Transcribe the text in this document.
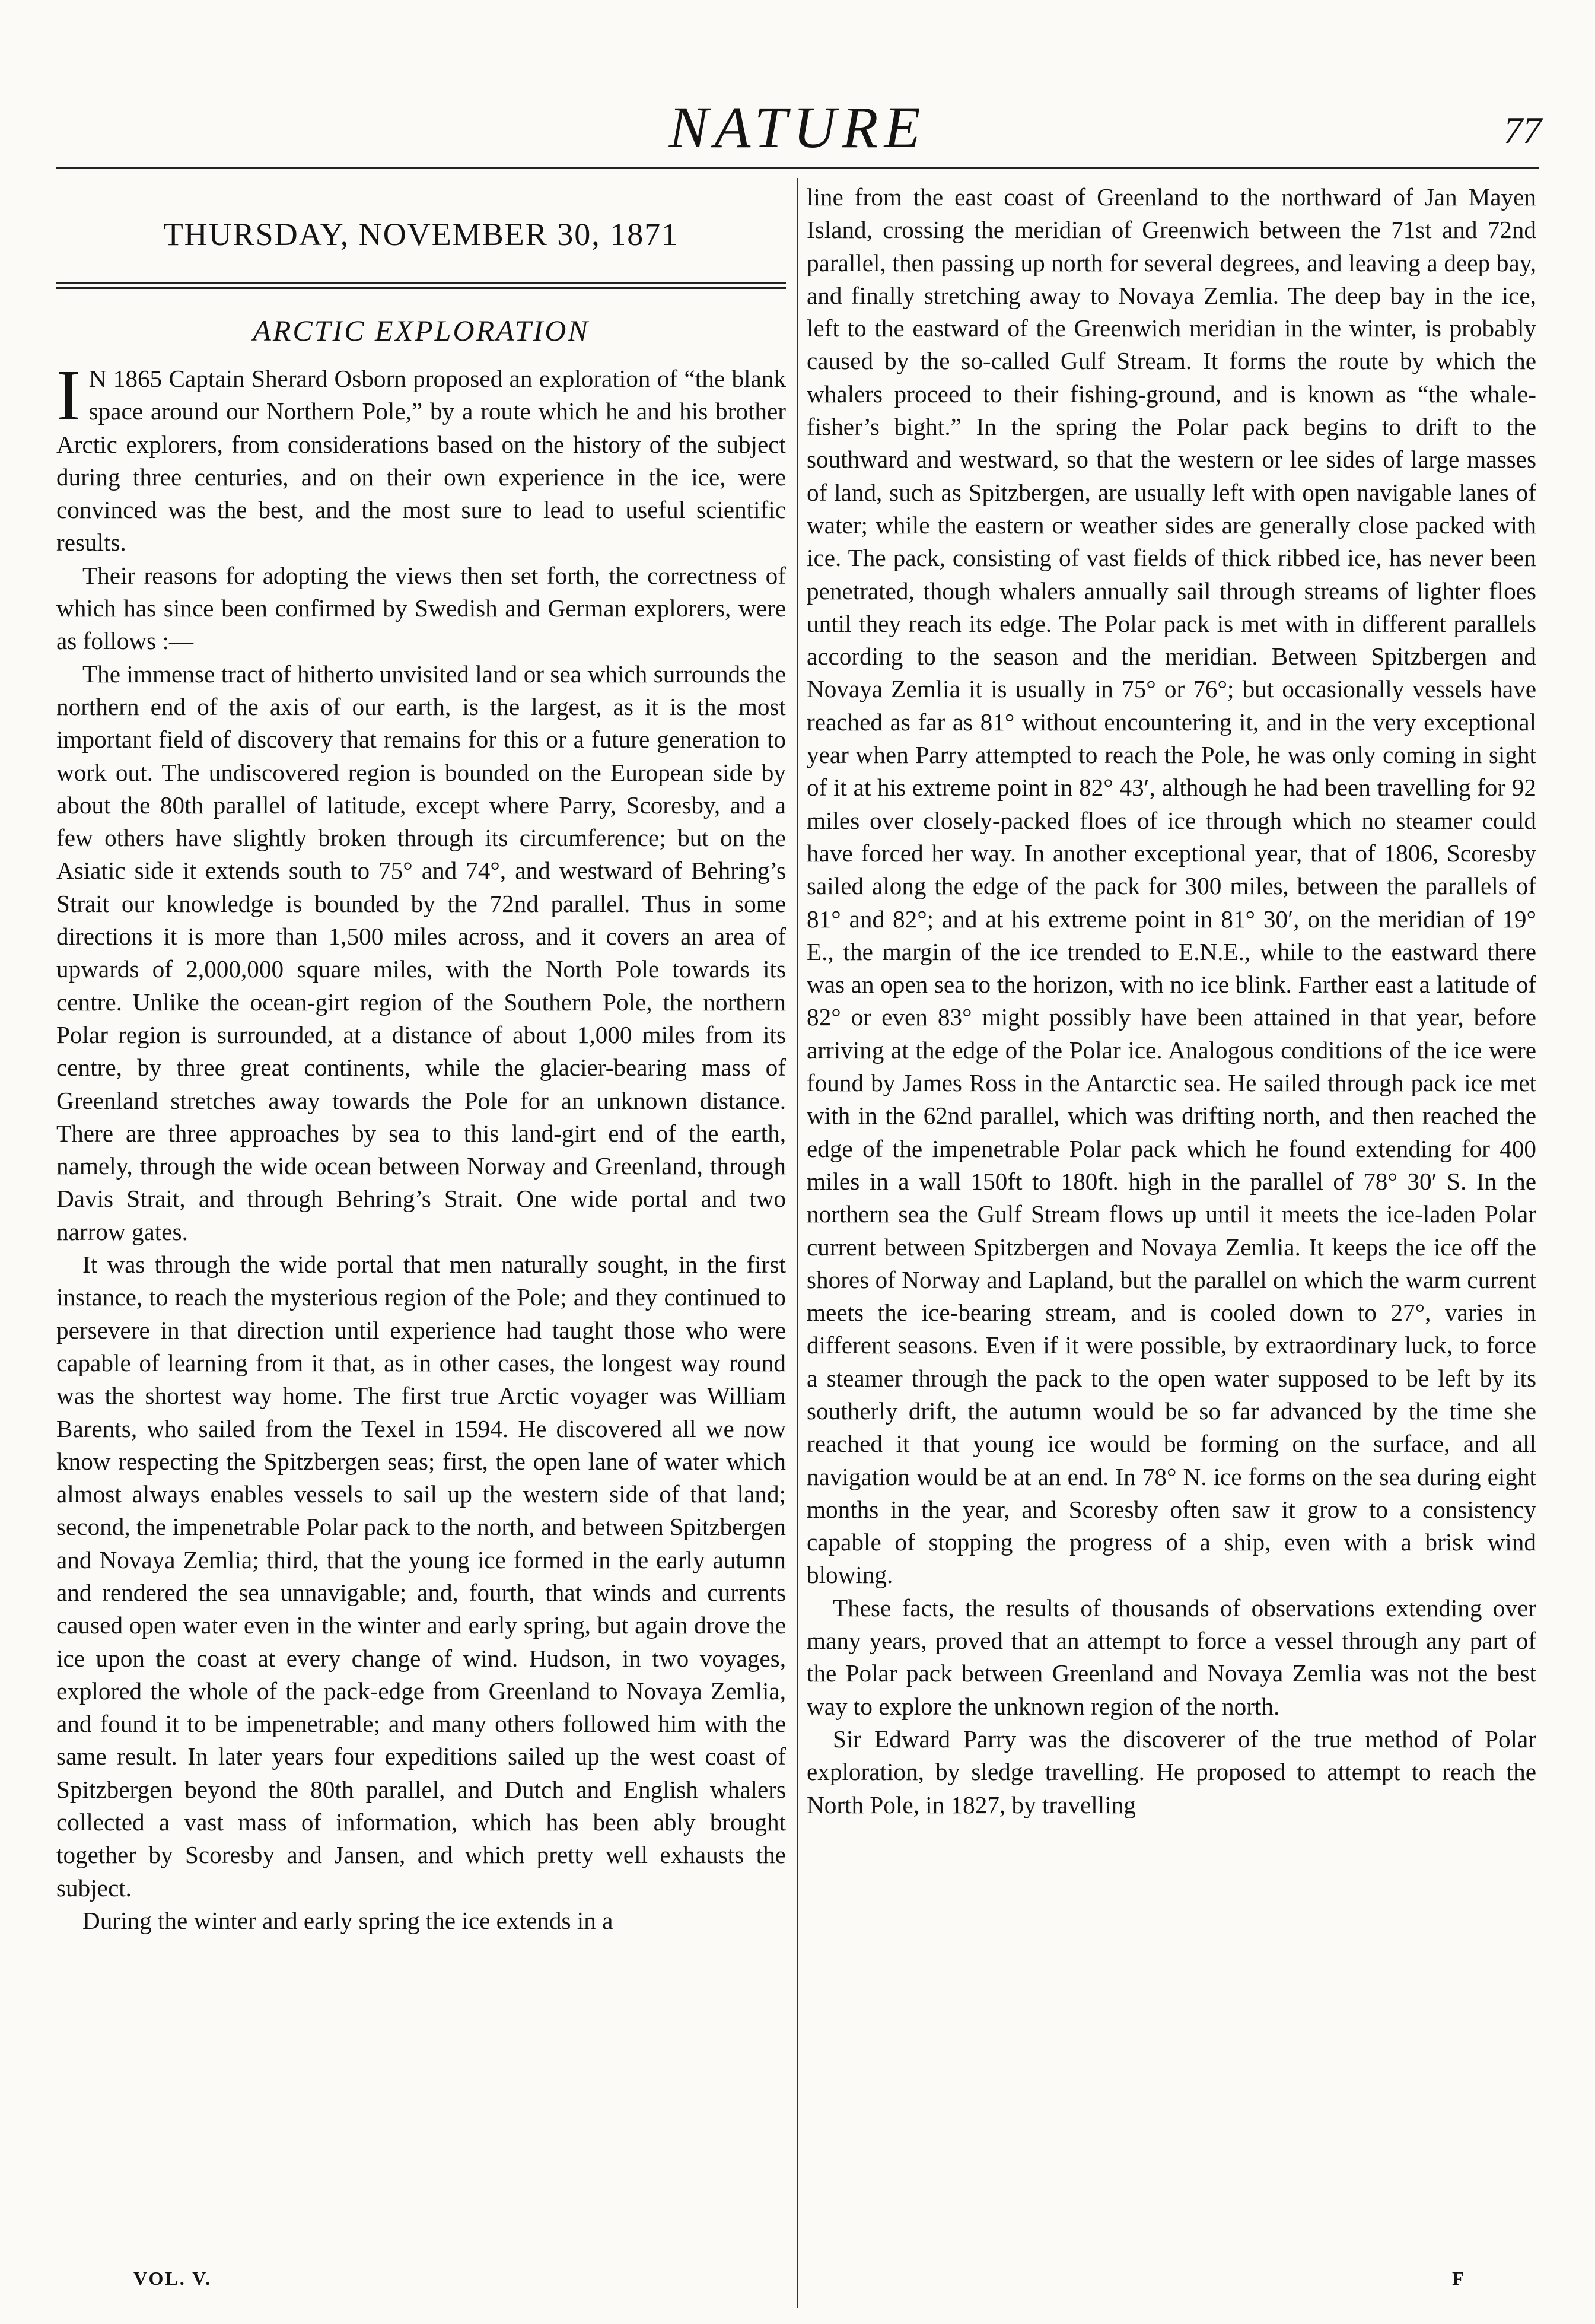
NATURE	77
THURSDAY, NOVEMBER 30, 1871
ARCTIC EXPLORATION

I N 1865 Captain Sherard Osborn proposed an exploration of “the blank space around our Northern Pole,” by a route which he and his brother Arctic explorers, from considerations based on the history of the subject during three centuries, and on their own experience in the ice, were convinced was the best, and the most sure to lead to useful scientific results.

Their reasons for adopting the views then set forth, the correctness of which has since been confirmed by Swedish and German explorers, were as follows :—

The immense tract of hitherto unvisited land or sea which surrounds the northern end of the axis of our earth, is the largest, as it is the most important field of discovery that remains for this or a future generation to work out. The undiscovered region is bounded on the European side by about the 80th parallel of latitude, except where Parry, Scoresby, and a few others have slightly broken through its circumference; but on the Asiatic side it extends south to 75° and 74°, and westward of Behring’s Strait our knowledge is bounded by the 72nd parallel. Thus in some directions it is more than 1,500 miles across, and it covers an area of upwards of 2,000,000 square miles, with the North Pole towards its centre. Unlike the ocean-girt region of the Southern Pole, the northern Polar region is surrounded, at a distance of about 1,000 miles from its centre, by three great continents, while the glacier-bearing mass of Greenland stretches away towards the Pole for an unknown distance. There are three approaches by sea to this land-girt end of the earth, namely, through the wide ocean between Norway and Greenland, through Davis Strait, and through Behring’s Strait. One wide portal and two narrow gates.

It was through the wide portal that men naturally sought, in the first instance, to reach the mysterious region of the Pole; and they continued to persevere in that direction until experience had taught those who were capable of learning from it that, as in other cases, the longest way round was the shortest way home. The first true Arctic voyager was William Barents, who sailed from the Texel in 1594. He discovered all we now know respecting the Spitzbergen seas; first, the open lane of water which almost always enables vessels to sail up the western side of that land; second, the impenetrable Polar pack to the north, and between Spitzbergen and Novaya Zemlia; third, that the young ice formed in the early autumn and rendered the sea unnavigable; and, fourth, that winds and currents caused open water even in the winter and early spring, but again drove the ice upon the coast at every change of wind. Hudson, in two voyages, explored the whole of the pack-edge from Greenland to Novaya Zemlia, and found it to be impenetrable; and many others followed him with the same result. In later years four expeditions sailed up the west coast of Spitzbergen beyond the 80th parallel, and Dutch and English whalers collected a vast mass of information, which has been ably brought together by Scoresby and Jansen, and which pretty well exhausts the subject.

During the winter and early spring the ice extends in a

line from the east coast of Greenland to the northward of Jan Mayen Island, crossing the meridian of Greenwich between the 71st and 72nd parallel, then passing up north for several degrees, and leaving a deep bay, and finally stretching away to Novaya Zemlia. The deep bay in the ice, left to the eastward of the Greenwich meridian in the winter, is probably caused by the so-called Gulf Stream. It forms the route by which the whalers proceed to their fishing-ground, and is known as “the whale-fisher’s bight.” In the spring the Polar pack begins to drift to the southward and westward, so that the western or lee sides of large masses of land, such as Spitzbergen, are usually left with open navigable lanes of water; while the eastern or weather sides are generally close packed with ice. The pack, consisting of vast fields of thick ribbed ice, has never been penetrated, though whalers annually sail through streams of lighter floes until they reach its edge. The Polar pack is met with in different parallels according to the season and the meridian. Between Spitzbergen and Novaya Zemlia it is usually in 75° or 76°; but occasionally vessels have reached as far as 81° without encountering it, and in the very exceptional year when Parry attempted to reach the Pole, he was only coming in sight of it at his extreme point in 82° 43′, although he had been travelling for 92 miles over closely-packed floes of ice through which no steamer could have forced her way. In another exceptional year, that of 1806, Scoresby sailed along the edge of the pack for 300 miles, between the parallels of 81° and 82°; and at his extreme point in 81° 30′, on the meridian of 19° E., the margin of the ice trended to E.N.E., while to the eastward there was an open sea to the horizon, with no ice blink. Farther east a latitude of 82° or even 83° might possibly have been attained in that year, before arriving at the edge of the Polar ice. Analogous conditions of the ice were found by James Ross in the Antarctic sea. He sailed through pack ice met with in the 62nd parallel, which was drifting north, and then reached the edge of the impenetrable Polar pack which he found extending for 400 miles in a wall 150ft to 180ft. high in the parallel of 78° 30′ S. In the northern sea the Gulf Stream flows up until it meets the ice-laden Polar current between Spitzbergen and Novaya Zemlia. It keeps the ice off the shores of Norway and Lapland, but the parallel on which the warm current meets the ice-bearing stream, and is cooled down to 27°, varies in different seasons. Even if it were possible, by extraordinary luck, to force a steamer through the pack to the open water supposed to be left by its southerly drift, the autumn would be so far advanced by the time she reached it that young ice would be forming on the surface, and all navigation would be at an end. In 78° N. ice forms on the sea during eight months in the year, and Scoresby often saw it grow to a consistency capable of stopping the progress of a ship, even with a brisk wind blowing.

These facts, the results of thousands of observations extending over many years, proved that an attempt to force a vessel through any part of the Polar pack between Greenland and Novaya Zemlia was not the best way to explore the unknown region of the north.

Sir Edward Parry was the discoverer of the true method of Polar exploration, by sledge travelling. He proposed to attempt to reach the North Pole, in 1827, by travelling

VOL. V.	F
